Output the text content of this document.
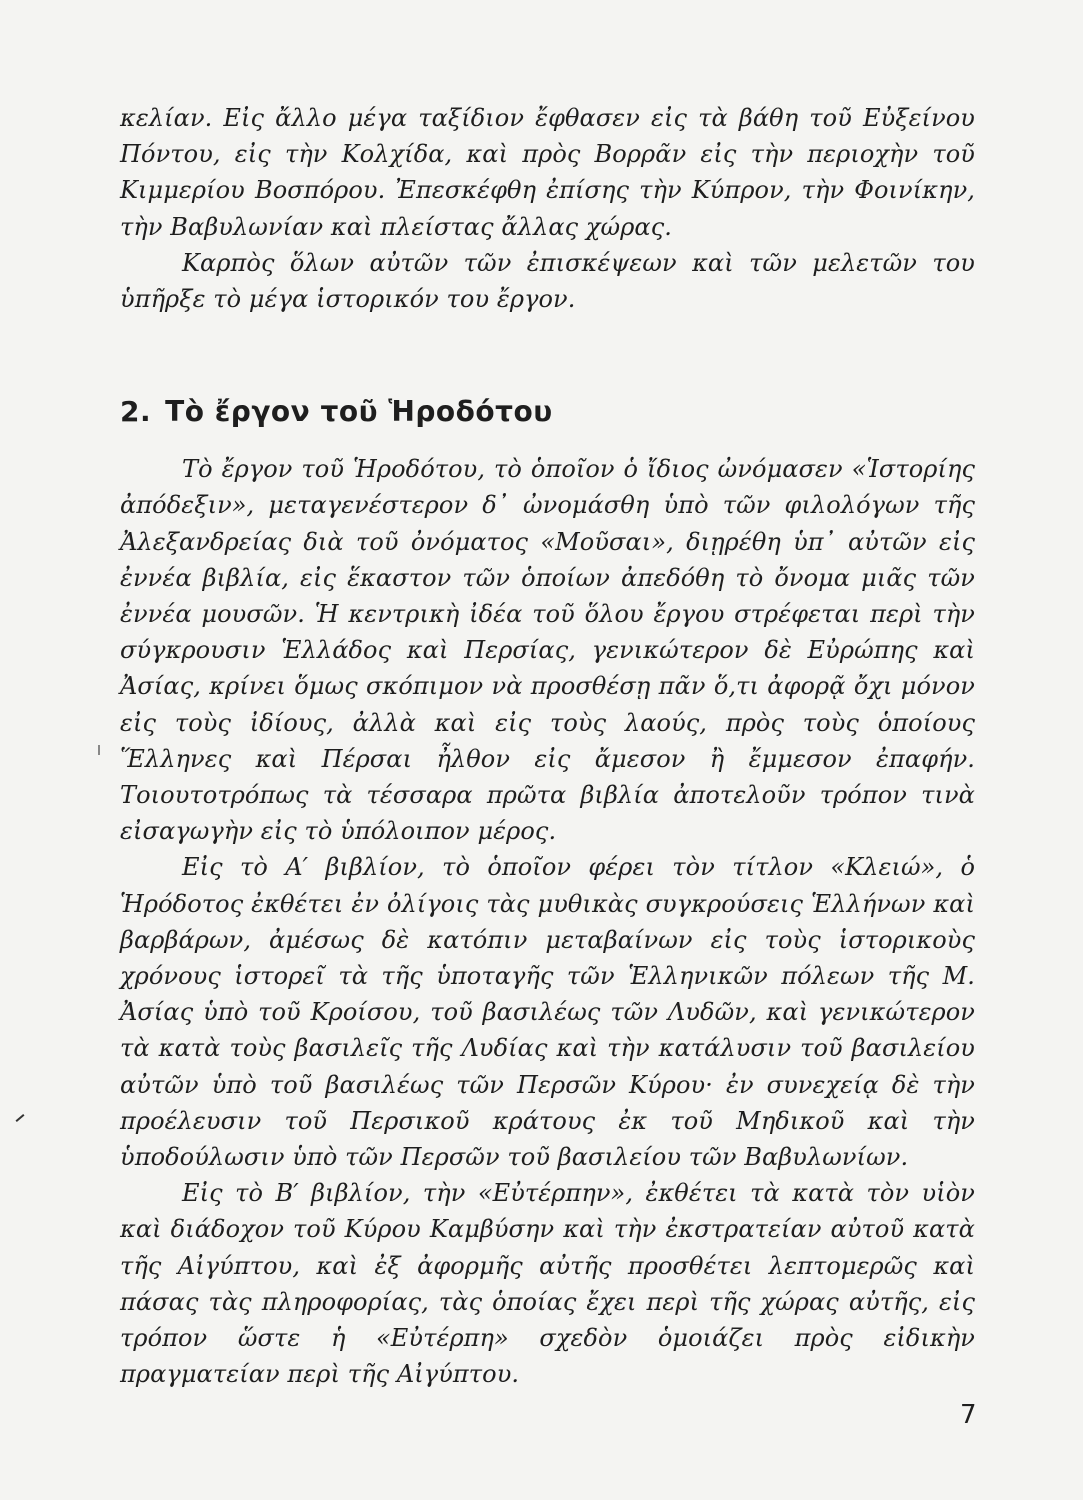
κελίαν. Εἰς ἄλλο μέγα ταξίδιον ἔφθασεν εἰς τὰ βάθη τοῦ Εὐξείνου Πόντου, εἰς τὴν Κολχίδα, καὶ πρὸς Βορρᾶν εἰς τὴν περιοχὴν τοῦ Κιμμερίου Βοσπόρου. Ἐπεσκέφθη ἐπίσης τὴν Κύπρον, τὴν Φοινίκην, τὴν Βαβυλωνίαν καὶ πλείστας ἄλλας χώρας.

Καρπὸς ὅλων αὐτῶν τῶν ἐπισκέψεων καὶ τῶν μελετῶν του ὑπῆρξε τὸ μέγα ἱστορικόν του ἔργον.

2. Τὸ ἔργον τοῦ Ἡροδότου

Τὸ ἔργον τοῦ Ἡροδότου, τὸ ὁποῖον ὁ ἴδιος ὠνόμασεν «Ἱστορίης ἀπόδεξιν», μεταγενέστερον δ᾿ ὠνομάσθη ὑπὸ τῶν φιλολόγων τῆς Ἀλεξανδρείας διὰ τοῦ ὀνόματος «Μοῦσαι», διῃρέθη ὑπ᾿ αὐτῶν εἰς ἐννέα βιβλία, εἰς ἕκαστον τῶν ὁποίων ἀπεδόθη τὸ ὄνομα μιᾶς τῶν ἐννέα μουσῶν. Ἡ κεντρικὴ ἰδέα τοῦ ὅλου ἔργου στρέφεται περὶ τὴν σύγκρουσιν Ἑλλάδος καὶ Περσίας, γενικώτερον δὲ Εὐρώπης καὶ Ἀσίας, κρίνει ὅμως σκόπιμον νὰ προσθέσῃ πᾶν ὅ,τι ἀφορᾷ ὄχι μόνον εἰς τοὺς ἰδίους, ἀλλὰ καὶ εἰς τοὺς λαούς, πρὸς τοὺς ὁποίους Ἕλληνες καὶ Πέρσαι ἦλθον εἰς ἄμεσον ἢ ἔμμεσον ἐπαφήν. Τοιουτοτρόπως τὰ τέσσαρα πρῶτα βιβλία ἀποτελοῦν τρόπον τινὰ εἰσαγωγὴν εἰς τὸ ὑπόλοιπον μέρος.

Εἰς τὸ Α′ βιβλίον, τὸ ὁποῖον φέρει τὸν τίτλον «Κλειώ», ὁ Ἡρόδοτος ἐκθέτει ἐν ὀλίγοις τὰς μυθικὰς συγκρούσεις Ἑλλήνων καὶ βαρβάρων, ἀμέσως δὲ κατόπιν μεταβαίνων εἰς τοὺς ἱστορικοὺς χρόνους ἱστορεῖ τὰ τῆς ὑποταγῆς τῶν Ἑλληνικῶν πόλεων τῆς Μ. Ἀσίας ὑπὸ τοῦ Κροίσου, τοῦ βασιλέως τῶν Λυδῶν, καὶ γενικώτερον τὰ κατὰ τοὺς βασιλεῖς τῆς Λυδίας καὶ τὴν κατάλυσιν τοῦ βασιλείου αὐτῶν ὑπὸ τοῦ βασιλέως τῶν Περσῶν Κύρου· ἐν συνεχείᾳ δὲ τὴν προέλευσιν τοῦ Περσικοῦ κράτους ἐκ τοῦ Μηδικοῦ καὶ τὴν ὑποδούλωσιν ὑπὸ τῶν Περσῶν τοῦ βασιλείου τῶν Βαβυλωνίων.

Εἰς τὸ Β′ βιβλίον, τὴν «Εὐτέρπην», ἐκθέτει τὰ κατὰ τὸν υἱὸν καὶ διάδοχον τοῦ Κύρου Καμβύσην καὶ τὴν ἐκστρατείαν αὐτοῦ κατὰ τῆς Αἰγύπτου, καὶ ἐξ ἀφορμῆς αὐτῆς προσθέτει λεπτομερῶς καὶ πάσας τὰς πληροφορίας, τὰς ὁποίας ἔχει περὶ τῆς χώρας αὐτῆς, εἰς τρόπον ὥστε ἡ «Εὐτέρπη» σχεδὸν ὁμοιάζει πρὸς εἰδικὴν πραγματείαν περὶ τῆς Αἰγύπτου.

7
